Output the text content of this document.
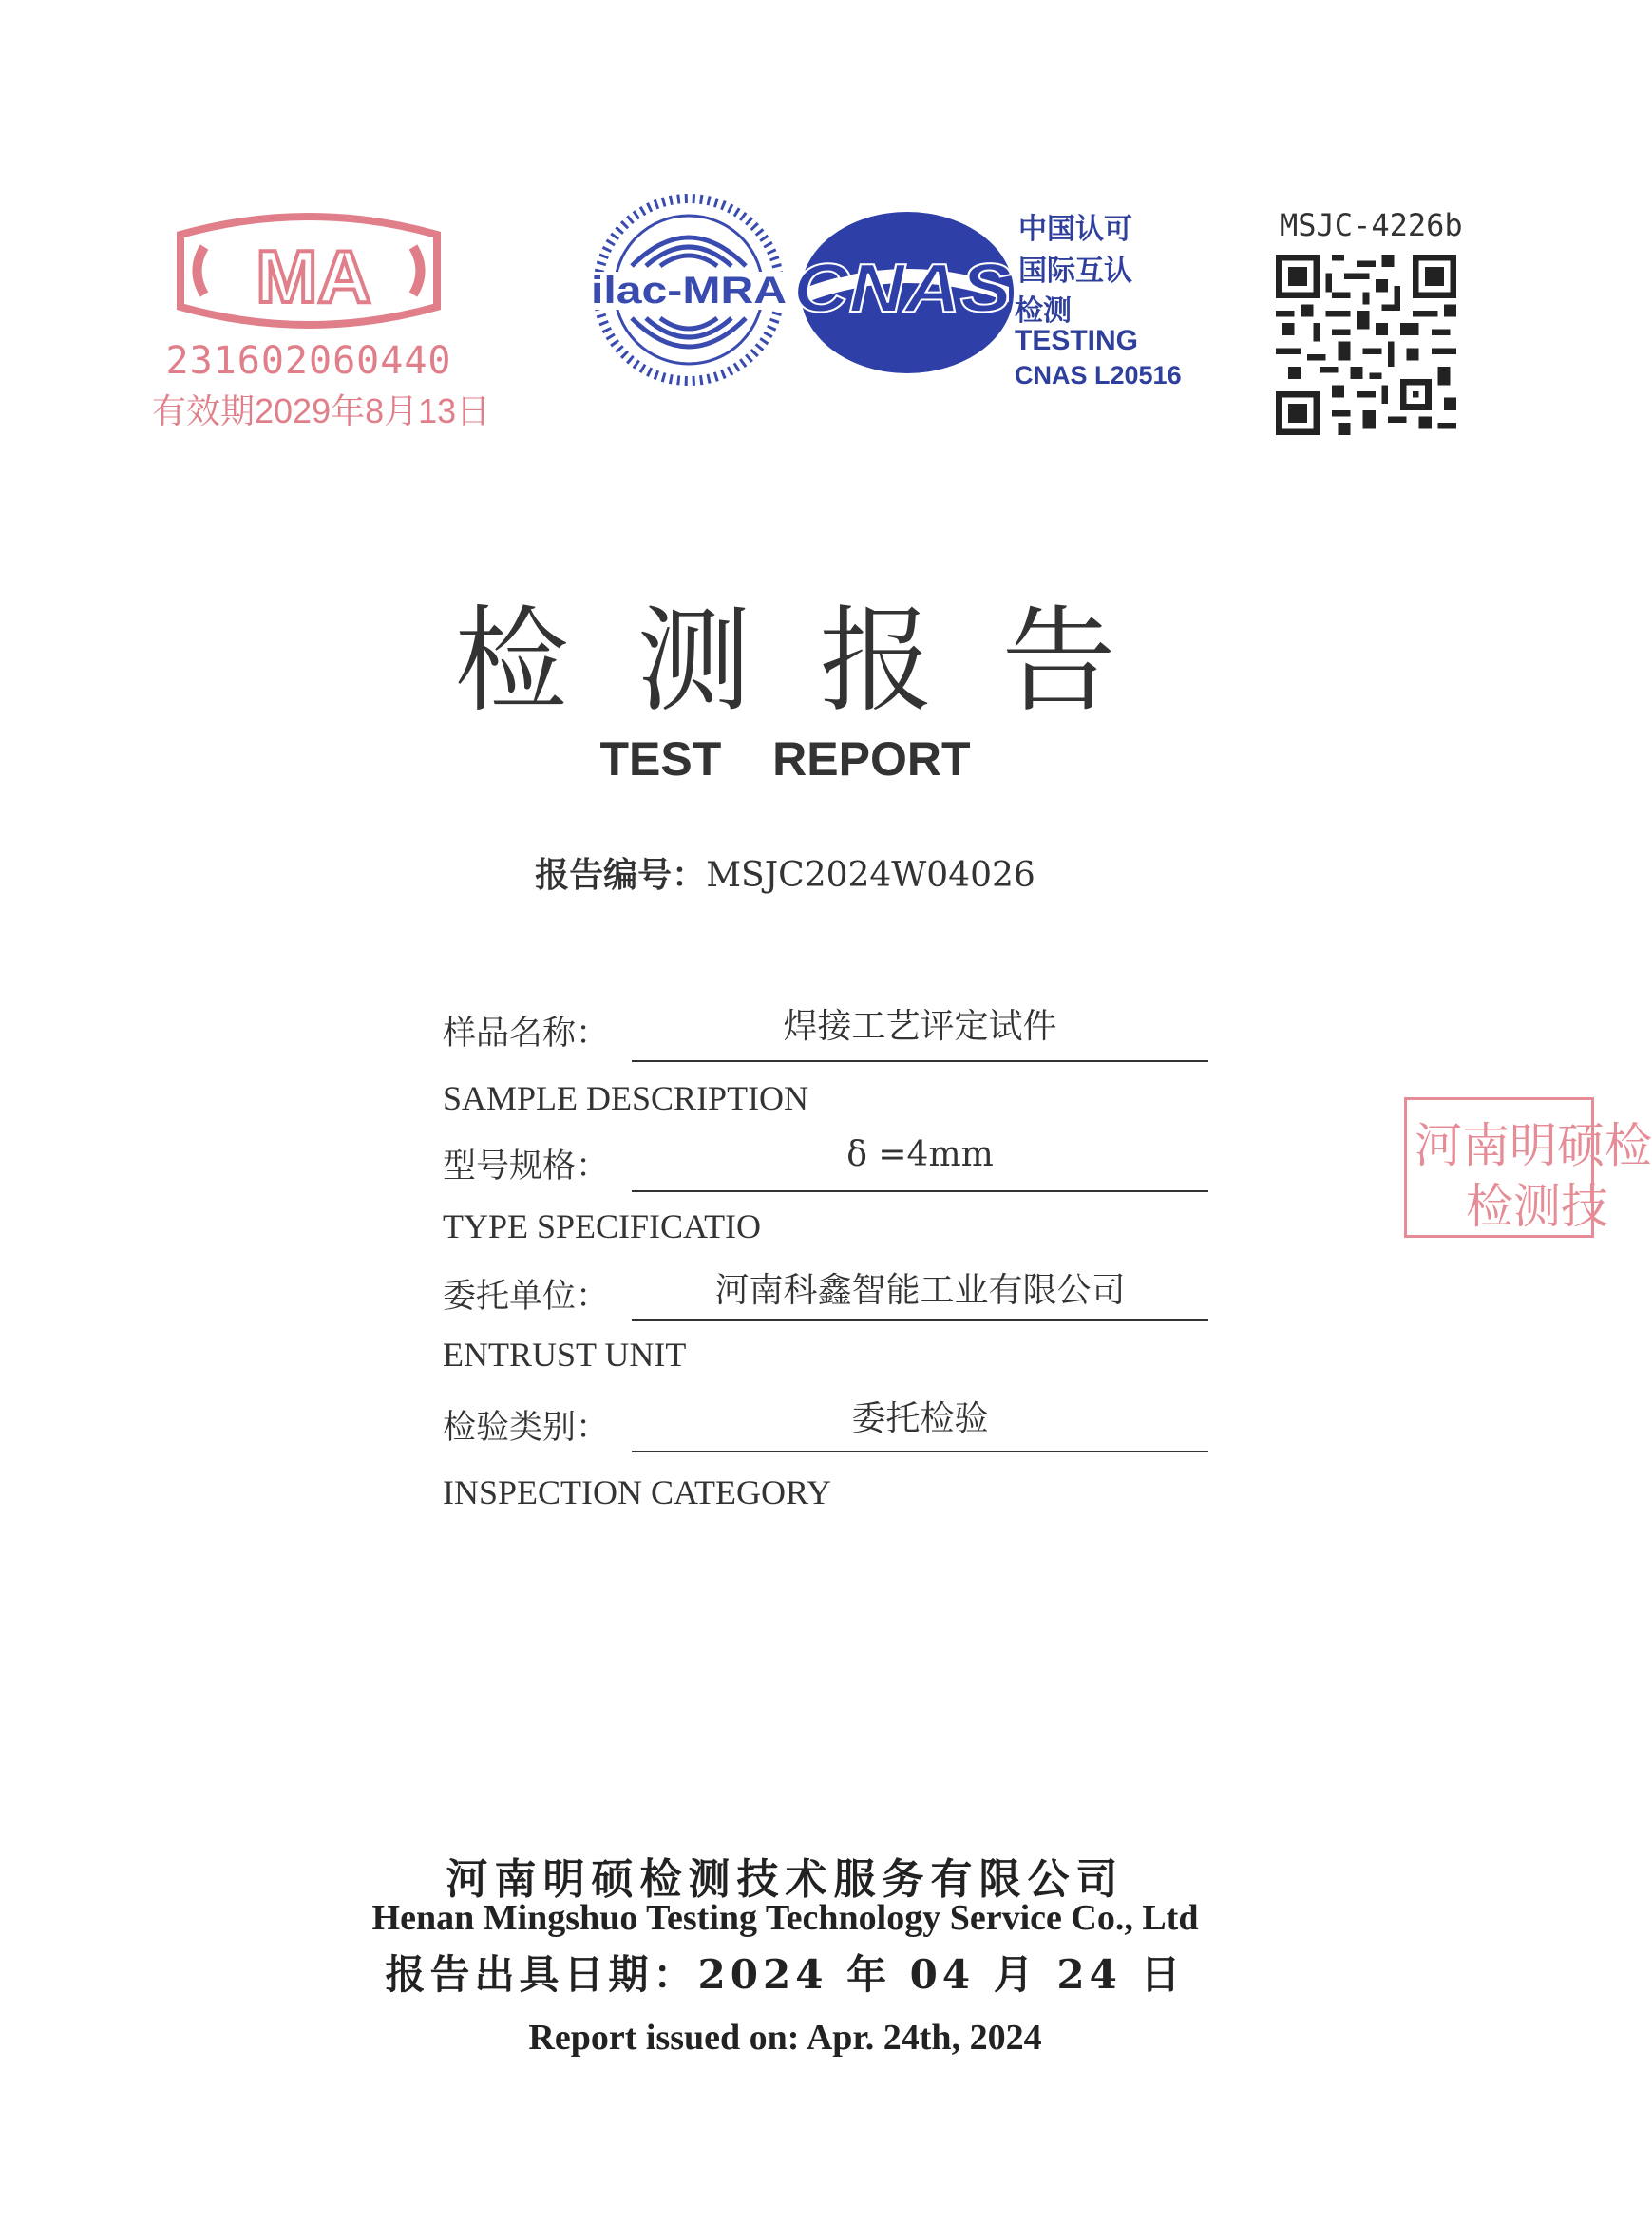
MA
231602060440
有效期2029年8月13日
ilac-MRA CNAS
中国认可
国际互认
检测
TESTING
CNAS L20516
MSJC-4226b
检测报告
TEST REPORT
报告编号：MSJC2024W04026
样品名称：	焊接工艺评定试件
SAMPLE DESCRIPTION
型号规格：	δ =4mm
TYPE SPECIFICATIO
委托单位：	河南科鑫智能工业有限公司
ENTRUST UNIT
检验类别：	委托检验
INSPECTION CATEGORY
河南明硕检
检测技
河南明硕检测技术服务有限公司
Henan Mingshuo Testing Technology Service Co., Ltd
报告出具日期：2024 年 04 月 24 日
Report issued on: Apr. 24th, 2024
